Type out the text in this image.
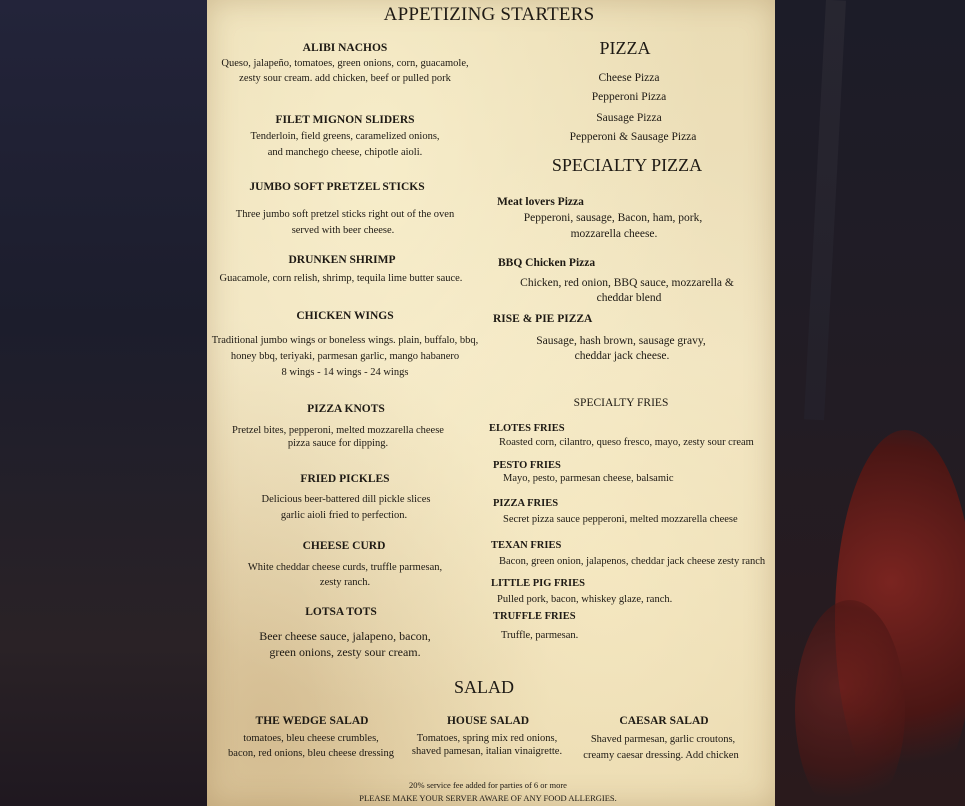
APPETIZING STARTERS
ALIBI NACHOS
Queso, jalapeño, tomatoes, green onions, corn, guacamole,
zesty sour cream. add chicken, beef or pulled pork
FILET MIGNON SLIDERS
Tenderloin, field greens, caramelized onions,
and manchego cheese, chipotle aioli.
JUMBO SOFT PRETZEL STICKS
Three jumbo soft pretzel sticks right out of the oven
served with beer cheese.
DRUNKEN SHRIMP
Guacamole, corn relish, shrimp, tequila lime butter sauce.
CHICKEN WINGS
Traditional jumbo wings or boneless wings. plain, buffalo, bbq,
honey bbq, teriyaki, parmesan garlic, mango habanero
8 wings - 14 wings - 24 wings
PIZZA KNOTS
Pretzel bites, pepperoni, melted mozzarella cheese
pizza sauce for dipping.
FRIED PICKLES
Delicious beer-battered dill pickle slices
garlic aioli fried to perfection.
CHEESE CURD
White cheddar cheese curds, truffle parmesan,
zesty ranch.
LOTSA TOTS
Beer cheese sauce, jalapeno, bacon,
green onions, zesty sour cream.
PIZZA
Cheese Pizza
Pepperoni Pizza
Sausage Pizza
Pepperoni & Sausage Pizza
SPECIALTY PIZZA
Meat lovers Pizza
Pepperoni, sausage, Bacon, ham, pork,
mozzarella cheese.
BBQ Chicken Pizza
Chicken, red onion, BBQ sauce, mozzarella &
cheddar blend
RISE & PIE PIZZA
Sausage, hash brown, sausage gravy,
cheddar jack cheese.
SPECIALTY FRIES
ELOTES FRIES
Roasted corn, cilantro, queso fresco, mayo, zesty sour cream
PESTO FRIES
Mayo, pesto, parmesan cheese, balsamic
PIZZA FRIES
Secret pizza sauce pepperoni, melted mozzarella cheese
TEXAN FRIES
Bacon, green onion, jalapenos, cheddar jack cheese zesty ranch
LITTLE PIG FRIES
Pulled pork, bacon, whiskey glaze, ranch.
TRUFFLE FRIES
Truffle, parmesan.
SALAD
THE WEDGE SALAD
tomatoes, bleu cheese crumbles,
bacon, red onions, bleu cheese dressing
HOUSE SALAD
Tomatoes, spring mix red onions,
shaved pamesan, italian vinaigrette.
CAESAR SALAD
Shaved parmesan, garlic croutons,
creamy caesar dressing. Add chicken
20% service fee added for parties of 6 or more
PLEASE MAKE YOUR SERVER AWARE OF ANY FOOD ALLERGIES.
